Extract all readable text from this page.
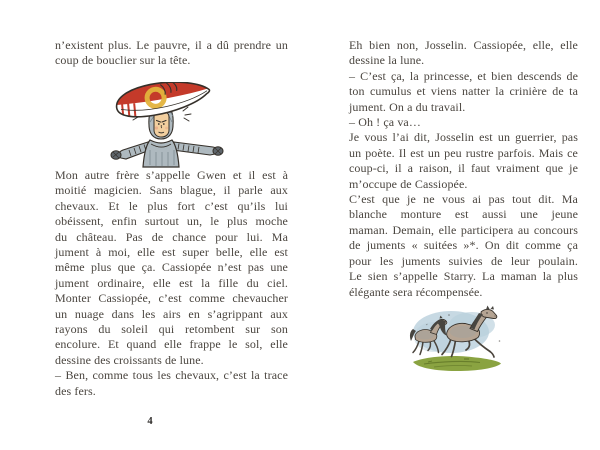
n’existent plus. Le pauvre, il a dû prendre un
coup de bouclier sur la tête.
Mon autre frère s’appelle Gwen et il est à
moitié magicien. Sans blague, il parle aux
chevaux. Et le plus fort c’est qu’ils lui
obéissent, enfin surtout un, le plus moche
du château. Pas de chance pour lui. Ma
jument à moi, elle est super belle, elle est
même plus que ça. Cassiopée n’est pas une
jument ordinaire, elle est la fille du ciel.
Monter Cassiopée, c’est comme chevaucher
un nuage dans les airs en s’agrippant aux
rayons du soleil qui retombent sur son
encolure. Et quand elle frappe le sol, elle
dessine des croissants de lune.
– Ben, comme tous les chevaux, c’est la trace
des fers.
4
Eh bien non, Josselin. Cassiopée, elle, elle
dessine la lune.
– C’est ça, la princesse, et bien descends de
ton cumulus et viens natter la crinière de ta
jument. On a du travail.
– Oh ! ça va…
Je vous l’ai dit, Josselin est un guerrier, pas
un poète. Il est un peu rustre parfois. Mais ce
coup-ci, il a raison, il faut vraiment que je
m’occupe de Cassiopée.
C’est que je ne vous ai pas tout dit. Ma
blanche monture est aussi une jeune
maman. Demain, elle participera au concours
de juments « suitées »*. On dit comme ça
pour les juments suivies de leur poulain.
Le sien s’appelle Starry. La maman la plus
élégante sera récompensée.
